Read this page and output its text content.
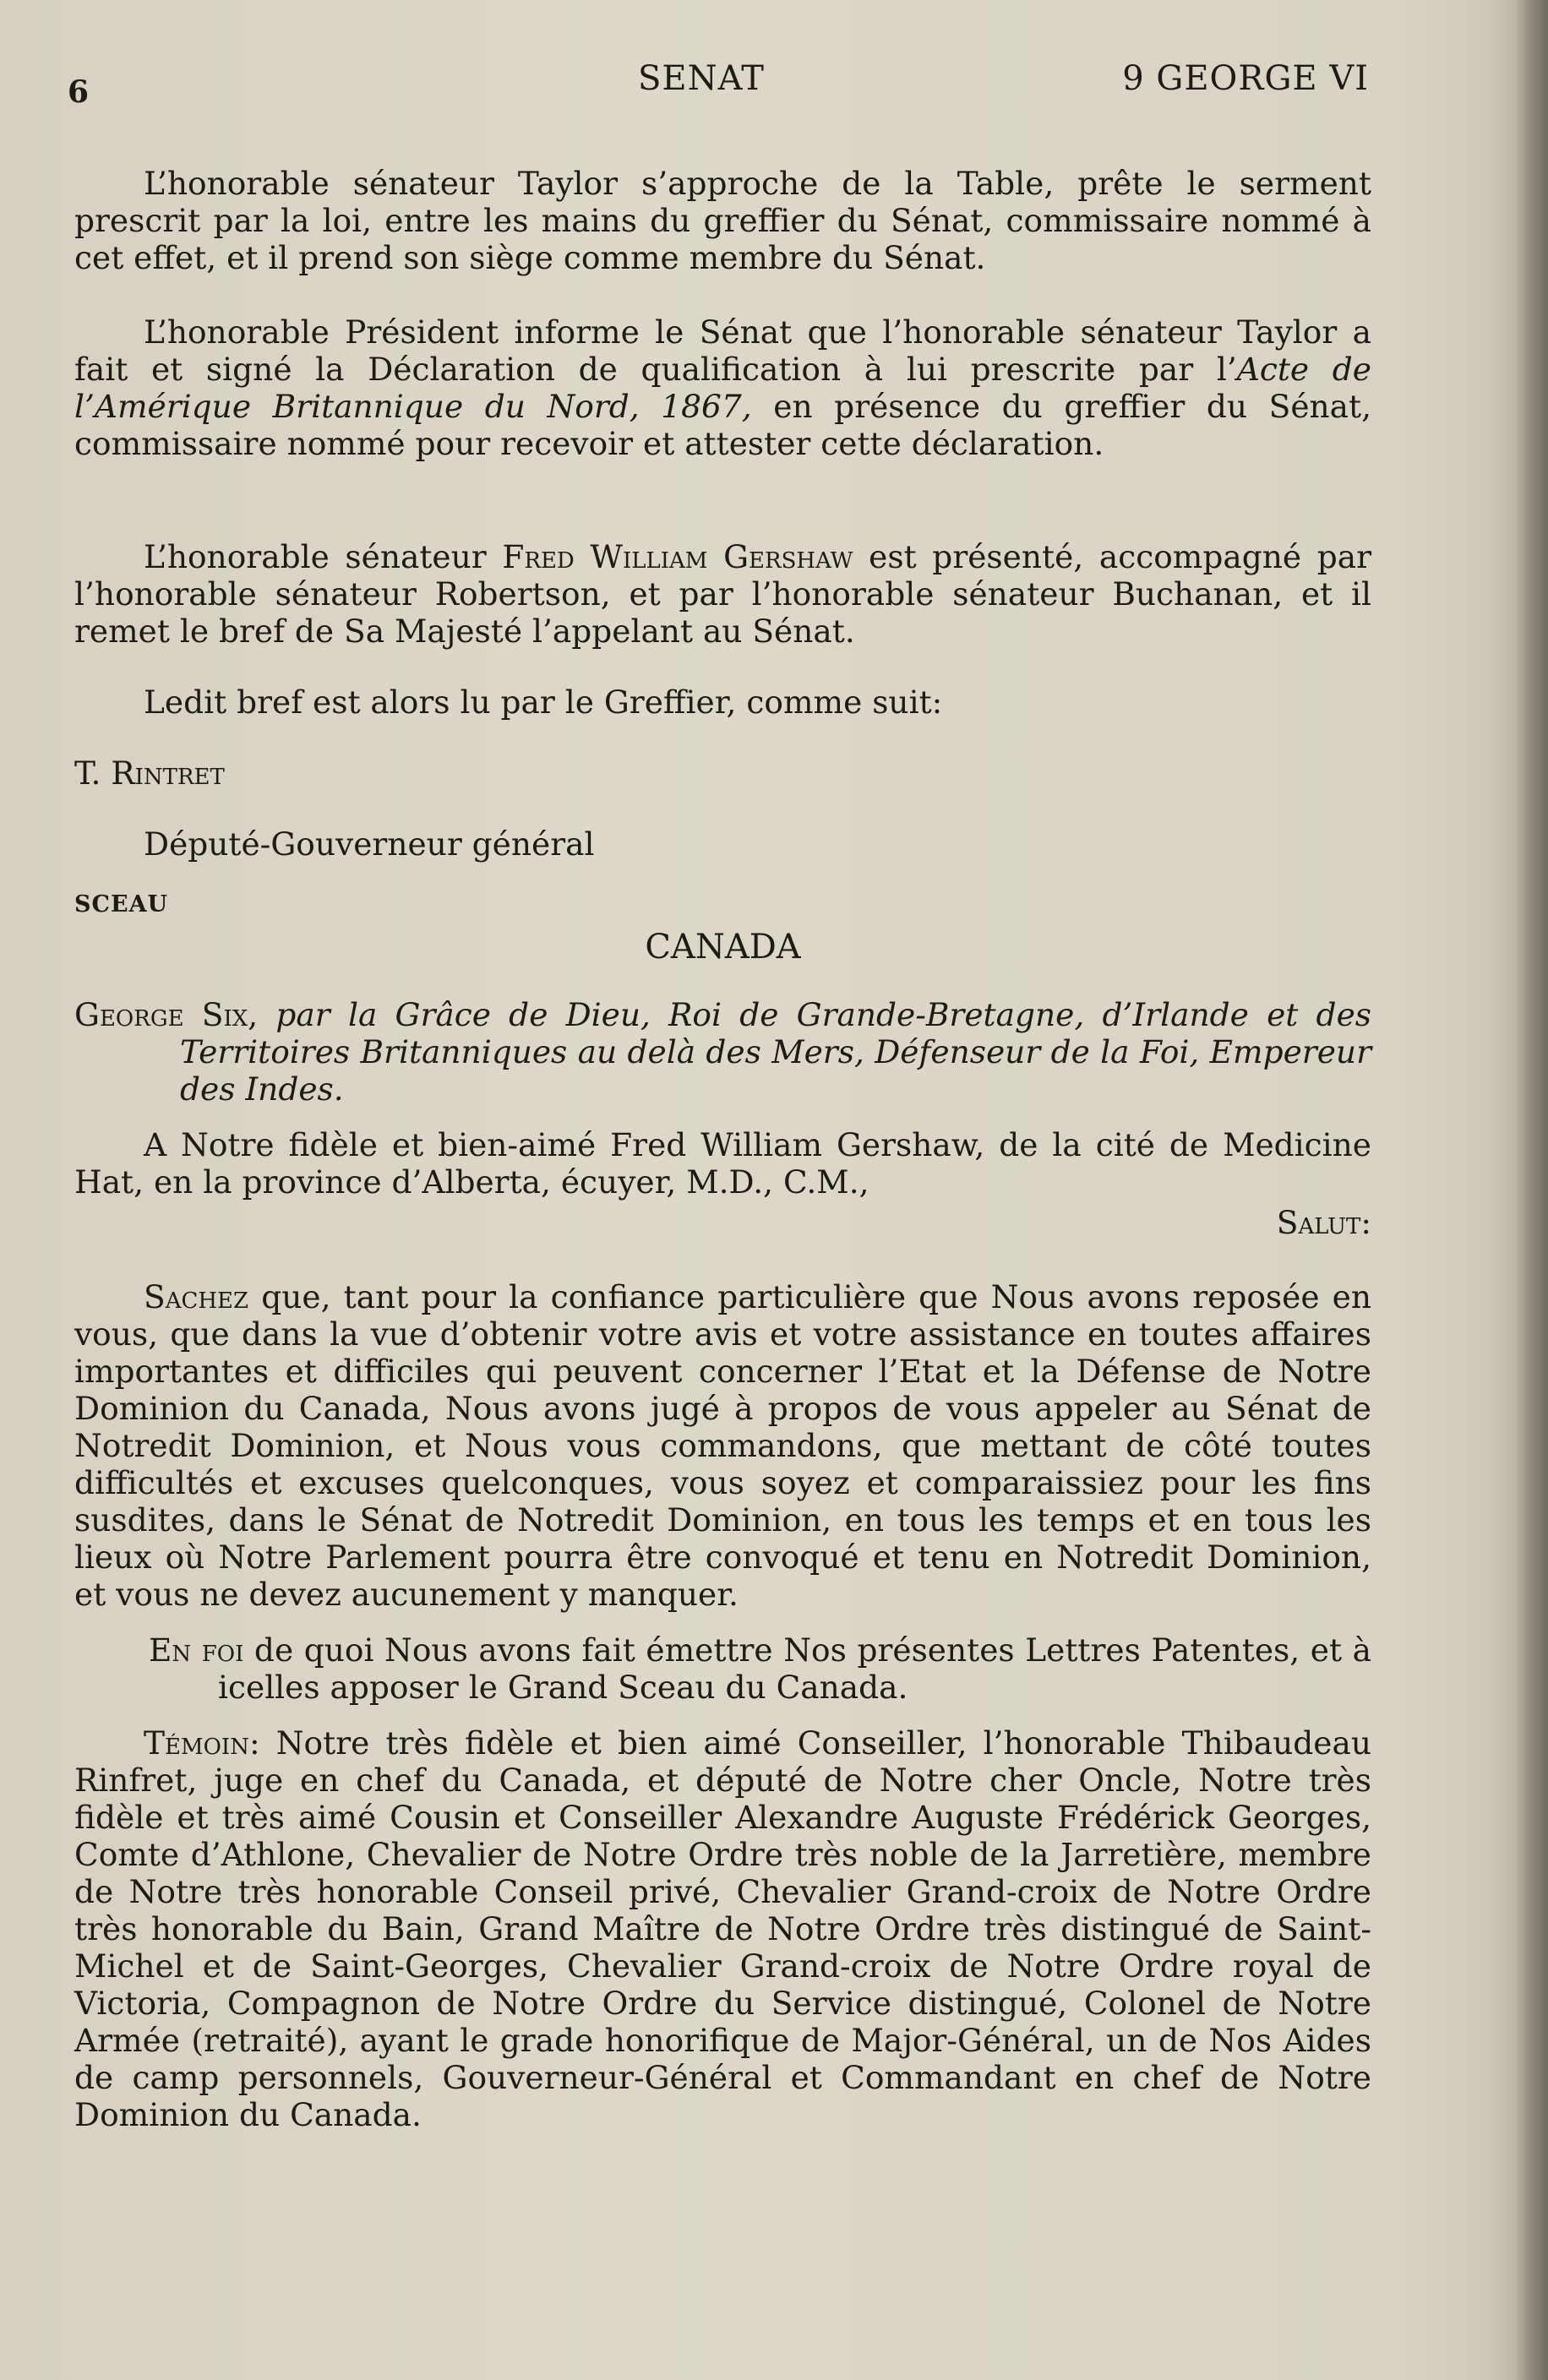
6	SENAT	9 GEORGE VI

L’honorable sénateur Taylor s’approche de la Table, prête le serment prescrit par la loi, entre les mains du greffier du Sénat, commissaire nommé à cet effet, et il prend son siège comme membre du Sénat.

L’honorable Président informe le Sénat que l’honorable sénateur Taylor a fait et signé la Déclaration de qualification à lui prescrite par l’Acte de l’Amérique Britannique du Nord, 1867, en présence du greffier du Sénat, commissaire nommé pour recevoir et attester cette déclaration.

L’honorable sénateur Fred William Gershaw est présenté, accompagné par l’honorable sénateur Robertson, et par l’honorable sénateur Buchanan, et il remet le bref de Sa Majesté l’appelant au Sénat.

Ledit bref est alors lu par le Greffier, comme suit:

T. Rintret

Député-Gouverneur général

SCEAU

CANADA

George Six, par la Grâce de Dieu, Roi de Grande-Bretagne, d’Irlande et des Territoires Britanniques au delà des Mers, Défenseur de la Foi, Empereur des Indes.

A Notre fidèle et bien-aimé Fred William Gershaw, de la cité de Medicine Hat, en la province d’Alberta, écuyer, M.D., C.M.,

Salut:

Sachez que, tant pour la confiance particulière que Nous avons reposée en vous, que dans la vue d’obtenir votre avis et votre assistance en toutes affaires importantes et difficiles qui peuvent concerner l’Etat et la Défense de Notre Dominion du Canada, Nous avons jugé à propos de vous appeler au Sénat de Notredit Dominion, et Nous vous commandons, que mettant de côté toutes difficultés et excuses quelconques, vous soyez et comparaissiez pour les fins susdites, dans le Sénat de Notredit Dominion, en tous les temps et en tous les lieux où Notre Parlement pourra être convoqué et tenu en Notredit Dominion, et vous ne devez aucunement y manquer.

En foi de quoi Nous avons fait émettre Nos présentes Lettres Patentes, et à icelles apposer le Grand Sceau du Canada.

Témoin: Notre très fidèle et bien aimé Conseiller, l’honorable Thibaudeau Rinfret, juge en chef du Canada, et député de Notre cher Oncle, Notre très fidèle et très aimé Cousin et Conseiller Alexandre Auguste Frédérick Georges, Comte d’Athlone, Chevalier de Notre Ordre très noble de la Jarretière, membre de Notre très honorable Conseil privé, Chevalier Grand-croix de Notre Ordre très honorable du Bain, Grand Maître de Notre Ordre très distingué de Saint-Michel et de Saint-Georges, Chevalier Grand-croix de Notre Ordre royal de Victoria, Compagnon de Notre Ordre du Service distingué, Colonel de Notre Armée (retraité), ayant le grade honorifique de Major-Général, un de Nos Aides de camp personnels, Gouverneur-Général et Commandant en chef de Notre Dominion du Canada.
